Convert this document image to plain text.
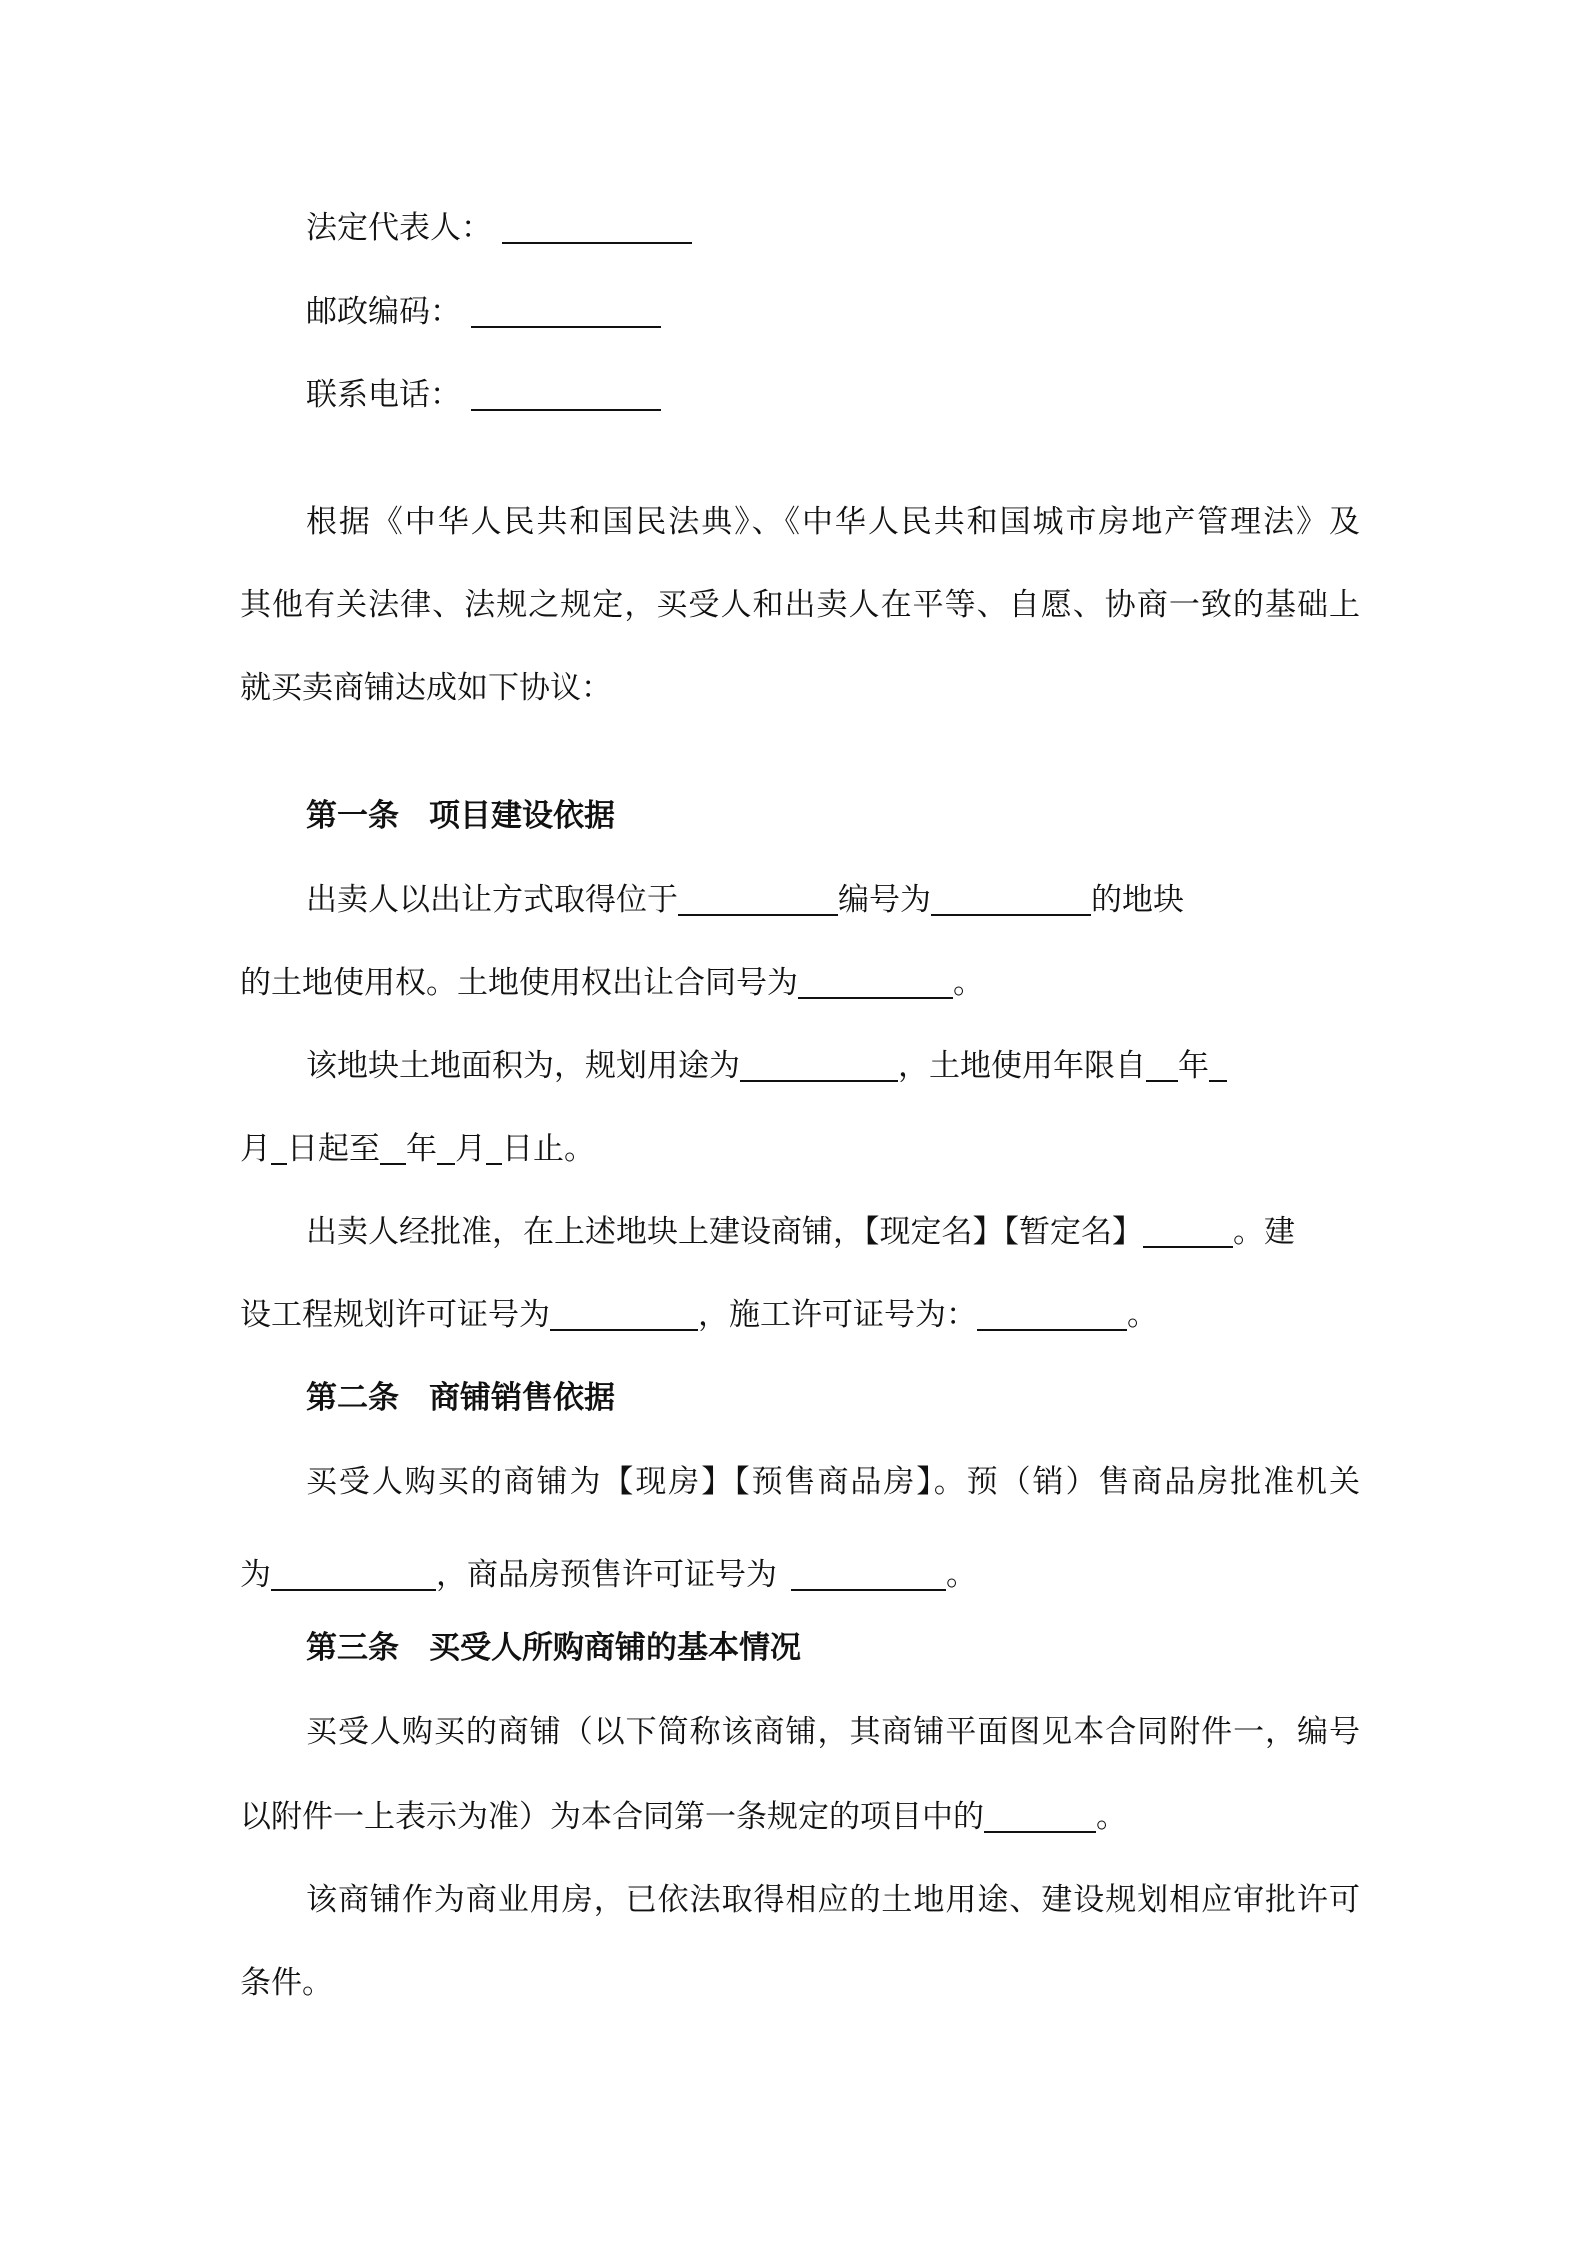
法定代表人：
邮政编码：
联系电话：
根据《中华人民共和国民法典》、《中华人民共和国城市房地产管理法》及
其他有关法律、法规之规定，买受人和出卖人在平等、自愿、协商一致的基础上
就买卖商铺达成如下协议：
第一条 项目建设依据
出卖人以出让方式取得位于	编号为	的地块
的土地使用权。土地使用权出让合同号为	。
该地块土地面积为，规划用途为	，土地使用年限自 年
月 日起至 年 月 日止。
出卖人经批准，在上述地块上建设商铺，【现定名】【暂定名】	。建
设工程规划许可证号为	，施工许可证号为：	。
第二条 商铺销售依据
买受人购买的商铺为【现房】【预售商品房】。预（销）售商品房批准机关
为	，商品房预售许可证号为	。
第三条 买受人所购商铺的基本情况
买受人购买的商铺（以下简称该商铺，其商铺平面图见本合同附件一，编号
以附件一上表示为准）为本合同第一条规定的项目中的	。
该商铺作为商业用房，已依法取得相应的土地用途、建设规划相应审批许可
条件。
